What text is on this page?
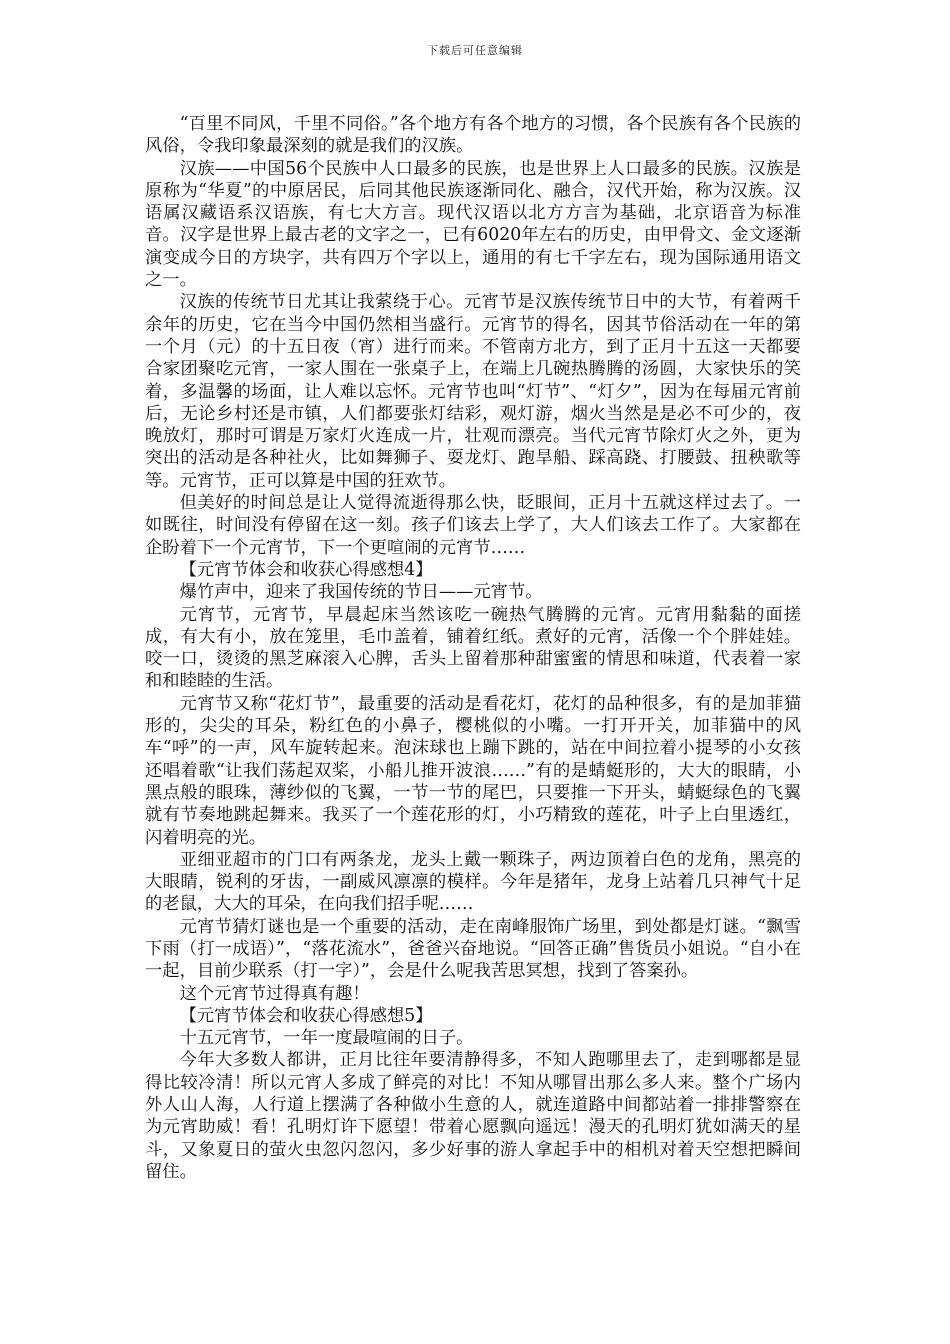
下载后可任意编辑

“百里不同风，千里不同俗。”各个地方有各个地方的习惯，各个民族有各个民族的风俗，令我印象最深刻的就是我们的汉族。

汉族——中国56个民族中人口最多的民族，也是世界上人口最多的民族。汉族是原称为“华夏”的中原居民，后同其他民族逐渐同化、融合，汉代开始，称为汉族。汉语属汉藏语系汉语族，有七大方言。现代汉语以北方方言为基础，北京语音为标准音。汉字是世界上最古老的文字之一，已有6020年左右的历史，由甲骨文、金文逐渐演变成今日的方块字，共有四万个字以上，通用的有七千字左右，现为国际通用语文之一。

汉族的传统节日尤其让我萦绕于心。元宵节是汉族传统节日中的大节，有着两千余年的历史，它在当今中国仍然相当盛行。元宵节的得名，因其节俗活动在一年的第一个月（元）的十五日夜（宵）进行而来。不管南方北方，到了正月十五这一天都要合家团聚吃元宵，一家人围在一张桌子上，在端上几碗热腾腾的汤圆，大家快乐的笑着，多温馨的场面，让人难以忘怀。元宵节也叫“灯节”、“灯夕”，因为在每届元宵前后，无论乡村还是市镇，人们都要张灯结彩，观灯游，烟火当然是是必不可少的，夜晚放灯，那时可谓是万家灯火连成一片，壮观而漂亮。当代元宵节除灯火之外，更为突出的活动是各种社火，比如舞狮子、耍龙灯、跑旱船、踩高跷、打腰鼓、扭秧歌等等。元宵节，正可以算是中国的狂欢节。

但美好的时间总是让人觉得流逝得那么快，眨眼间，正月十五就这样过去了。一如既往，时间没有停留在这一刻。孩子们该去上学了，大人们该去工作了。大家都在企盼着下一个元宵节，下一个更喧闹的元宵节……

【元宵节体会和收获心得感想4】

爆竹声中，迎来了我国传统的节日——元宵节。

元宵节，元宵节，早晨起床当然该吃一碗热气腾腾的元宵。元宵用黏黏的面搓成，有大有小，放在笼里，毛巾盖着，铺着红纸。煮好的元宵，活像一个个胖娃娃。咬一口，烫烫的黑芝麻滚入心脾，舌头上留着那种甜蜜蜜的情思和味道，代表着一家和和睦睦的生活。

元宵节又称“花灯节”，最重要的活动是看花灯，花灯的品种很多，有的是加菲猫形的，尖尖的耳朵，粉红色的小鼻子，樱桃似的小嘴。一打开开关，加菲猫中的风车“呼”的一声，风车旋转起来。泡沫球也上蹦下跳的，站在中间拉着小提琴的小女孩还唱着歌“让我们荡起双桨，小船儿推开波浪……”有的是蜻蜓形的，大大的眼睛，小黑点般的眼珠，薄纱似的飞翼，一节一节的尾巴，只要推一下开头，蜻蜓绿色的飞翼就有节奏地跳起舞来。我买了一个莲花形的灯，小巧精致的莲花，叶子上白里透红，闪着明亮的光。

亚细亚超市的门口有两条龙，龙头上戴一颗珠子，两边顶着白色的龙角，黑亮的大眼睛，锐利的牙齿，一副威风凛凛的模样。今年是猪年，龙身上站着几只神气十足的老鼠，大大的耳朵，在向我们招手呢……

元宵节猜灯谜也是一个重要的活动，走在南峰服饰广场里，到处都是灯谜。“飘雪下雨（打一成语）”，“落花流水”，爸爸兴奋地说。“回答正确”售货员小姐说。“自小在一起，目前少联系（打一字）”，会是什么呢我苦思冥想，找到了答案孙。

这个元宵节过得真有趣！

【元宵节体会和收获心得感想5】

十五元宵节，一年一度最喧闹的日子。

今年大多数人都讲，正月比往年要清静得多，不知人跑哪里去了，走到哪都是显得比较冷清！所以元宵人多成了鲜亮的对比！不知从哪冒出那么多人来。整个广场内外人山人海，人行道上摆满了各种做小生意的人，就连道路中间都站着一排排警察在为元宵助威！看！孔明灯许下愿望！带着心愿飘向遥远！漫天的孔明灯犹如满天的星斗，又象夏日的萤火虫忽闪忽闪，多少好事的游人拿起手中的相机对着天空想把瞬间留住。
